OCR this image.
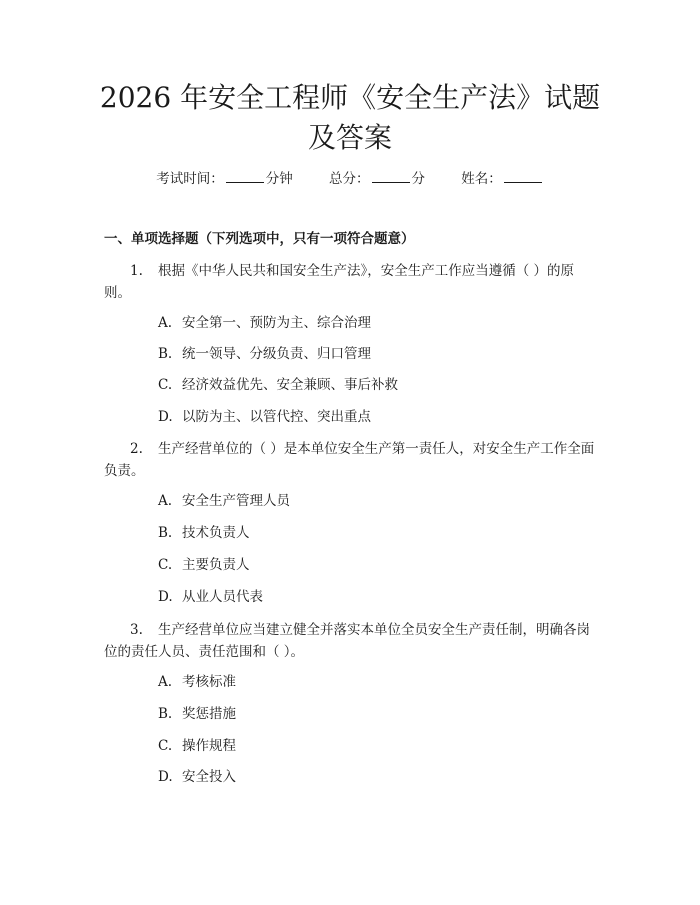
2026 年安全工程师《安全生产法》试题及答案
考试时间：	分钟	总分：	分	姓名：
一、单项选择题（下列选项中，只有一项符合题意）

1. 根据《中华人民共和国安全生产法》，安全生产工作应当遵循（ ）的原则。

A. 安全第一、预防为主、综合治理

B. 统一领导、分级负责、归口管理

C. 经济效益优先、安全兼顾、事后补救

D. 以防为主、以管代控、突出重点

2. 生产经营单位的（ ）是本单位安全生产第一责任人，对安全生产工作全面负责。

A. 安全生产管理人员

B. 技术负责人

C. 主要负责人

D. 从业人员代表

3. 生产经营单位应当建立健全并落实本单位全员安全生产责任制，明确各岗位的责任人员、责任范围和（ ）。

A. 考核标准

B. 奖惩措施

C. 操作规程

D. 安全投入
